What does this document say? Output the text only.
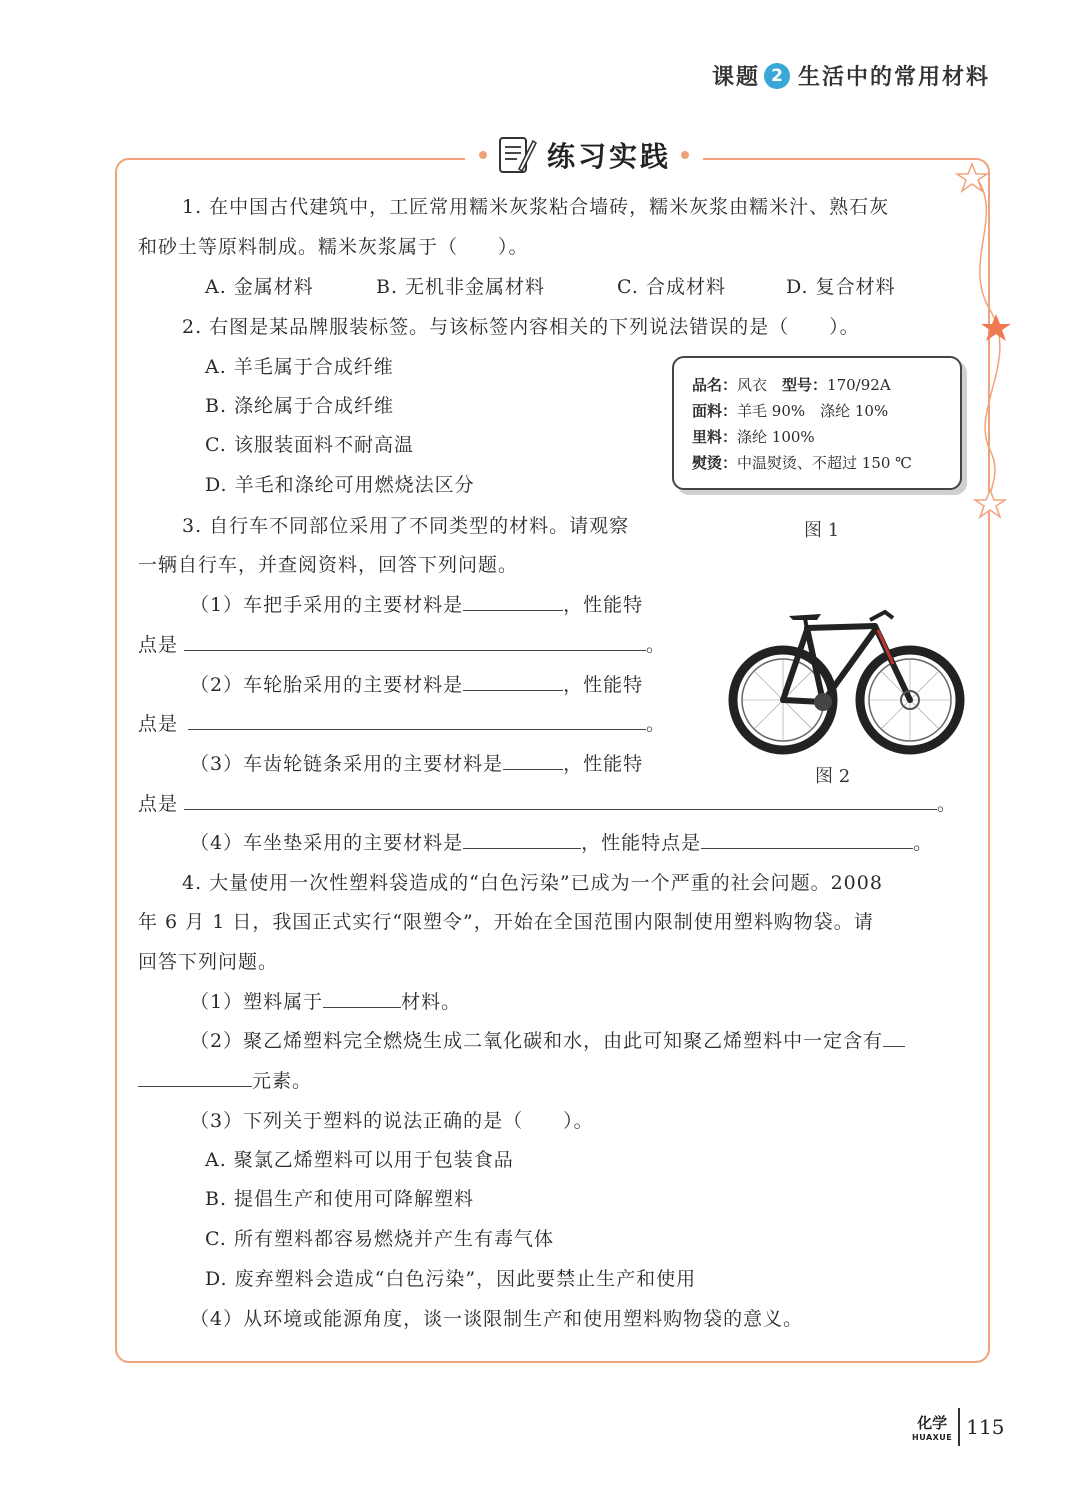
课题 2 生活中的常用材料
练习实践
1. 在中国古代建筑中，工匠常用糯米灰浆粘合墙砖，糯米灰浆由糯米汁、熟石灰
和砂土等原料制成。糯米灰浆属于（　　）。
A. 金属材料	B. 无机非金属材料	C. 合成材料	D. 复合材料
2. 右图是某品牌服装标签。与该标签内容相关的下列说法错误的是（　　）。
A. 羊毛属于合成纤维
B. 涤纶属于合成纤维
C. 该服装面料不耐高温
D. 羊毛和涤纶可用燃烧法区分
品名：风衣　型号：170/92A
面料：羊毛 90%　涤纶 10%
里料：涤纶 100%
熨烫：中温熨烫、不超过 150 ℃
图 1
3. 自行车不同部位采用了不同类型的材料。请观察
一辆自行车，并查阅资料，回答下列问题。
（1）车把手采用的主要材料是	，性能特
点是	。
（2）车轮胎采用的主要材料是	，性能特
点是	。
（3）车齿轮链条采用的主要材料是	，性能特
点是	。
（4）车坐垫采用的主要材料是	，性能特点是	。
图 2
4. 大量使用一次性塑料袋造成的“白色污染”已成为一个严重的社会问题。2008
年 6 月 1 日，我国正式实行“限塑令”，开始在全国范围内限制使用塑料购物袋。请
回答下列问题。
（1）塑料属于	材料。
（2）聚乙烯塑料完全燃烧生成二氧化碳和水，由此可知聚乙烯塑料中一定含有
元素。
（3）下列关于塑料的说法正确的是（　　）。
A. 聚氯乙烯塑料可以用于包装食品
B. 提倡生产和使用可降解塑料
C. 所有塑料都容易燃烧并产生有毒气体
D. 废弃塑料会造成“白色污染”，因此要禁止生产和使用
（4）从环境或能源角度，谈一谈限制生产和使用塑料购物袋的意义。
化学
HUAXUE 115
